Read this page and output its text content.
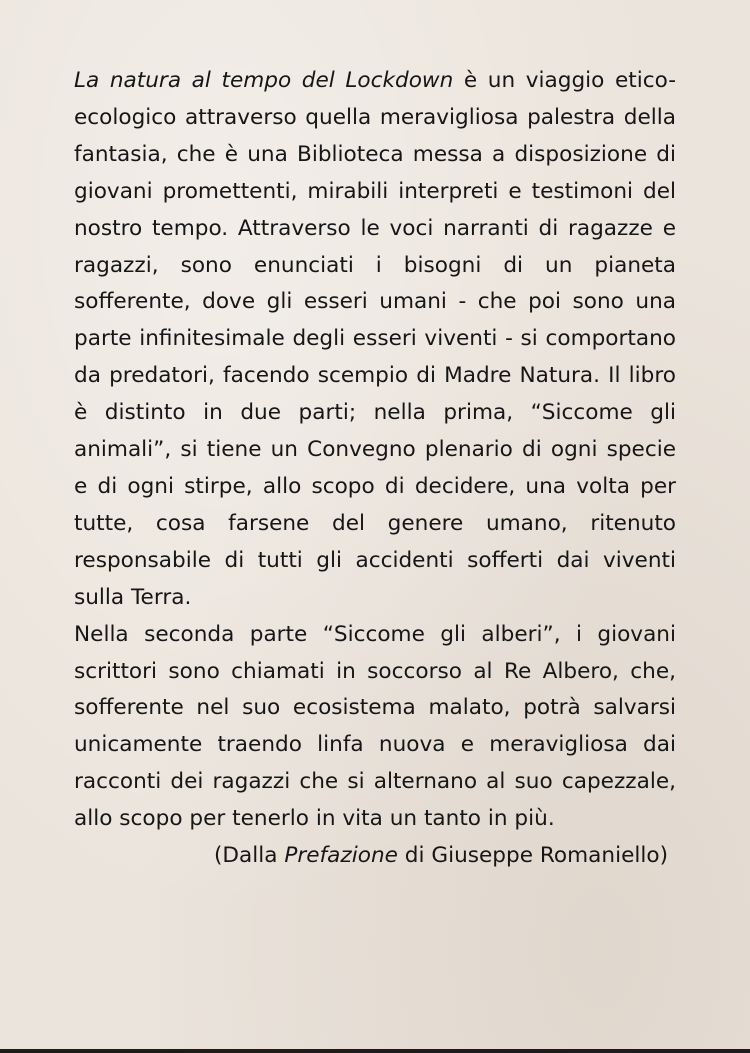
La natura al tempo del Lockdown è un viaggio etico-ecologico attraverso quella meravigliosa palestra della fantasia, che è una Biblioteca messa a disposizione di giovani promettenti, mirabili interpreti e testimoni del nostro tempo. Attraverso le voci narranti di ragazze e ragazzi, sono enunciati i bisogni di un pianeta sofferente, dove gli esseri umani - che poi sono una parte infinitesimale degli esseri viventi - si comportano da predatori, facendo scempio di Madre Natura. Il libro è distinto in due parti; nella prima, “Siccome gli animali”, si tiene un Convegno plenario di ogni specie e di ogni stirpe, allo scopo di decidere, una volta per tutte, cosa farsene del genere umano, ritenuto responsabile di tutti gli accidenti sofferti dai viventi sulla Terra.

Nella seconda parte “Siccome gli alberi”, i giovani scrittori sono chiamati in soccorso al Re Albero, che, sofferente nel suo ecosistema malato, potrà salvarsi unicamente traendo linfa nuova e meravigliosa dai racconti dei ragazzi che si alternano al suo capezzale, allo scopo per tenerlo in vita un tanto in più.

(Dalla Prefazione di Giuseppe Romaniello)
